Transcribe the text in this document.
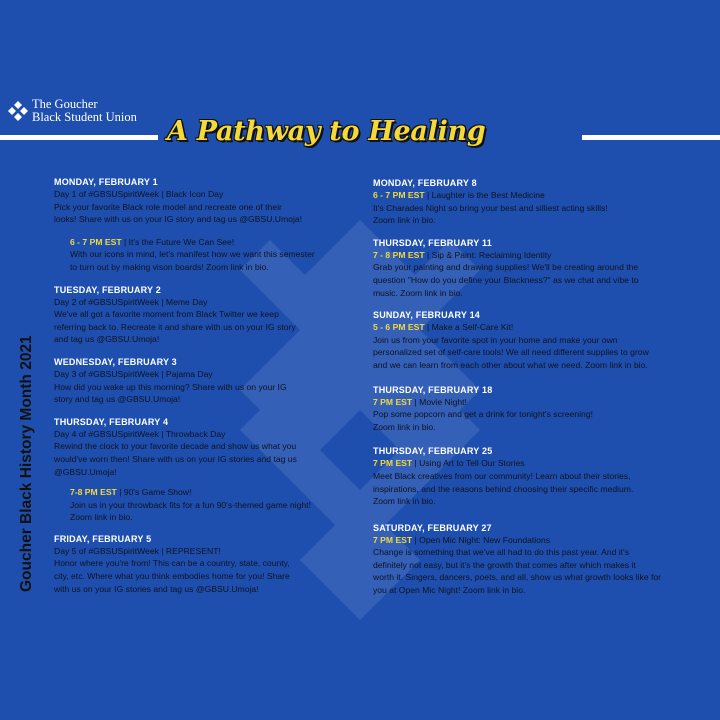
The Goucher
Black Student Union A Pathway to Healing
Goucher Black History Month 2021
MONDAY, FEBRUARY 1
Day 1 of #GBSUSpiritWeek | Black Icon Day
Pick your favorite Black role model and recreate one of their
looks! Share with us on your IG story and tag us @GBSU.Umoja!
6 - 7 PM EST | It's the Future We Can See!
With our icons in mind, let's manifest how we want this semester
to turn out by making vison boards! Zoom link in bio.
TUESDAY, FEBRUARY 2
Day 2 of #GBSUSpiritWeek | Meme Day
We've all got a favorite moment from Black Twitter we keep
referring back to. Recreate it and share with us on your IG story
and tag us @GBSU.Umoja!
WEDNESDAY, FEBRUARY 3
Day 3 of #GBSUSpiritWeek | Pajama Day
How did you wake up this morning? Share with us on your IG
story and tag us @GBSU.Umoja!
THURSDAY, FEBRUARY 4
Day 4 of #GBSUSpiritWeek | Throwback Day
Rewind the clock to your favorite decade and show us what you
would've worn then! Share with us on your IG stories and tag us
@GBSU.Umoja!
7-8 PM EST | 90's Game Show!
Join us in your throwback fits for a fun 90's-themed game night!
Zoom link in bio.
FRIDAY, FEBRUARY 5
Day 5 of #GBSUSpiritWeek | REPRESENT!
Honor where you're from! This can be a country, state, county,
city, etc. Where what you think embodies home for you! Share
with us on your IG stories and tag us @GBSU.Umoja!
MONDAY, FEBRUARY 8
6 - 7 PM EST | Laughter is the Best Medicine
It's Charades Night so bring your best and silliest acting skills!
Zoom link in bio.
THURSDAY, FEBRUARY 11
7 - 8 PM EST | Sip & Paint: Reclaiming Identity
Grab your painting and drawing supplies! We'll be creating around the
question "How do you define your Blackness?" as we chat and vibe to
music. Zoom link in bio.
SUNDAY, FEBRUARY 14
5 - 6 PM EST | Make a Self-Care Kit!
Join us from your favorite spot in your home and make your own
personalized set of self-care tools! We all need different supplies to grow
and we can learn from each other about what we need. Zoom link in bio.
THURSDAY, FEBRUARY 18
7 PM EST | Movie Night!
Pop some popcorn and get a drink for tonight's screening!
Zoom link in bio.
THURSDAY, FEBRUARY 25
7 PM EST | Using Art to Tell Our Stories
Meet Black creatives from our community! Learn about their stories,
inspirations, and the reasons behind choosing their specific medium.
Zoom link in bio.
SATURDAY, FEBRUARY 27
7 PM EST | Open Mic Night: New Foundations
Change is something that we've all had to do this past year. And it's
definitely not easy, but it's the growth that comes after which makes it
worth it. Singers, dancers, poets, and all, show us what growth looks like for
you at Open Mic Night! Zoom link in bio.
